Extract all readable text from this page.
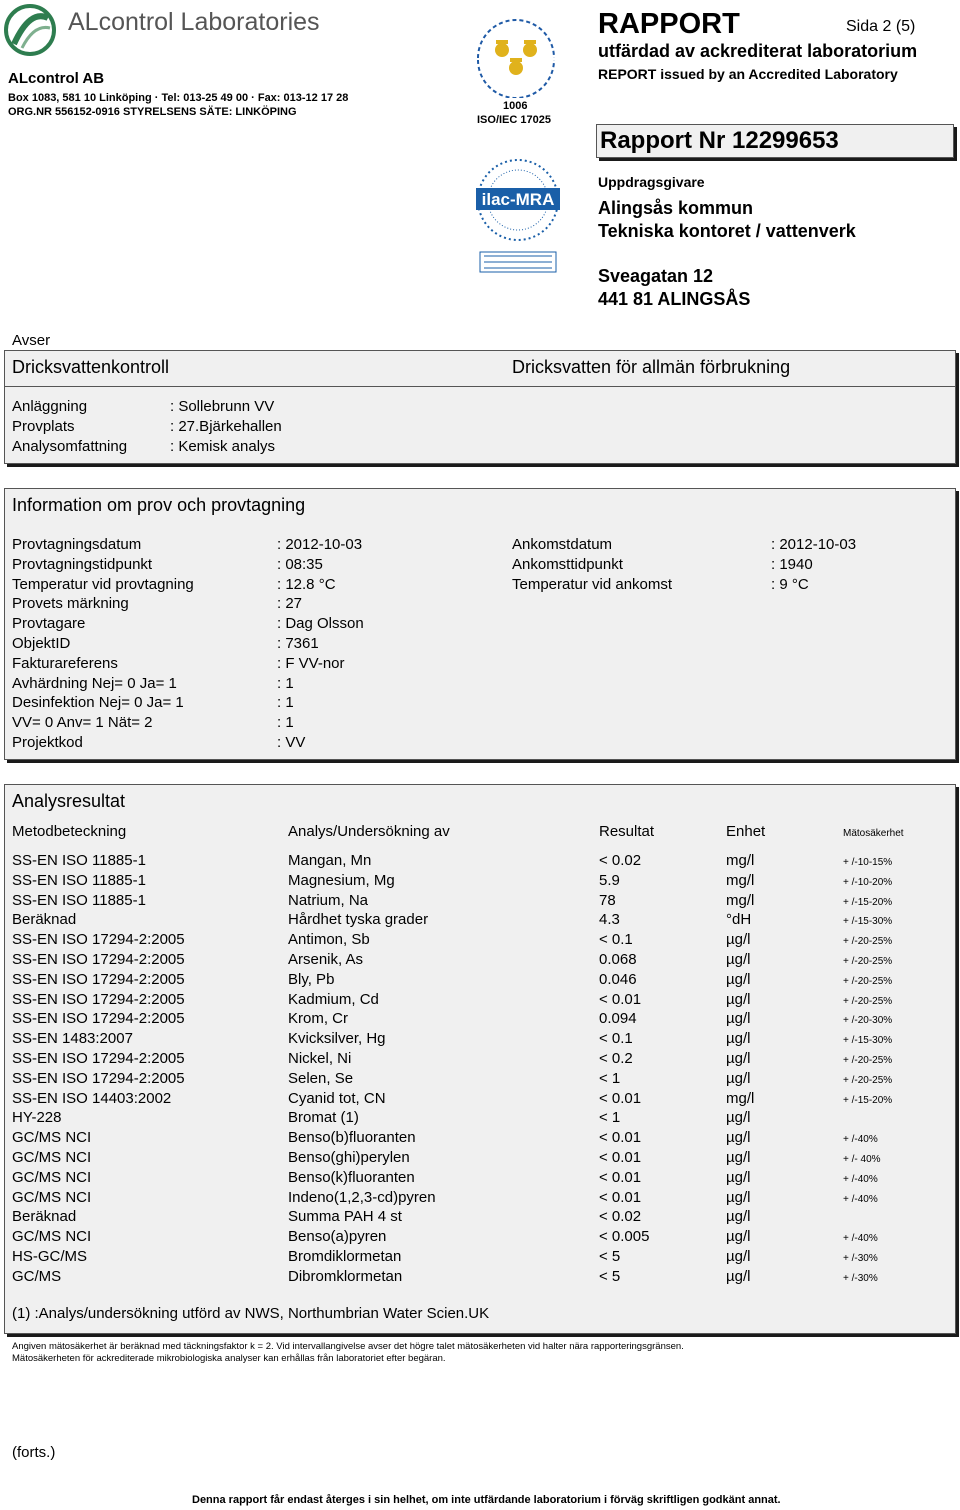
ALcontrol Laboratories
ALcontrol AB
Box 1083, 581 10 Linköping · Tel: 013-25 49 00 · Fax: 013-12 17 28
ORG.NR 556152-0916 STYRELSENS SÄTE: LINKÖPING	1006
ISO/IEC 17025
ilac-MRA
RAPPORT	Sida 2 (5)
utfärdad av ackrediterat laboratorium
REPORT issued by an Accredited Laboratory
Rapport Nr 12299653
Uppdragsgivare
Alingsås kommun
Tekniska kontoret / vattenverk
Sveagatan 12
441 81 ALINGSÅS
Avser
Dricksvattenkontroll	Dricksvatten för allmän förbrukning
Anläggning	: Sollebrunn VV
Provplats	: 27.Bjärkehallen
Analysomfattning	: Kemisk analys
Information om prov och provtagning
Provtagningsdatum	: 2012-10-03	Ankomstdatum	: 2012-10-03
Provtagningstidpunkt	: 08:35	Ankomsttidpunkt	: 1940
Temperatur vid provtagning	: 12.8 °C	Temperatur vid ankomst	: 9 °C
Provets märkning	: 27
Provtagare	: Dag Olsson
ObjektID	: 7361
Fakturareferens	: F VV-nor
Avhärdning Nej= 0 Ja= 1	: 1
Desinfektion Nej= 0 Ja= 1	: 1
VV= 0 Anv= 1 Nät= 2	: 1
Projektkod	: VV
Analysresultat
Metodbeteckning	Analys/Undersökning av	Resultat	Enhet	Mätosäkerhet
SS-EN ISO 11885-1	Mangan, Mn	< 0.02	mg/l	+ /-10-15%
SS-EN ISO 11885-1	Magnesium, Mg	5.9	mg/l	+ /-10-20%
SS-EN ISO 11885-1	Natrium, Na	78	mg/l	+ /-15-20%
Beräknad	Hårdhet tyska grader	4.3	°dH	+ /-15-30%
SS-EN ISO 17294-2:2005	Antimon, Sb	< 0.1	µg/l	+ /-20-25%
SS-EN ISO 17294-2:2005	Arsenik, As	0.068	µg/l	+ /-20-25%
SS-EN ISO 17294-2:2005	Bly, Pb	0.046	µg/l	+ /-20-25%
SS-EN ISO 17294-2:2005	Kadmium, Cd	< 0.01	µg/l	+ /-20-25%
SS-EN ISO 17294-2:2005	Krom, Cr	0.094	µg/l	+ /-20-30%
SS-EN 1483:2007	Kvicksilver, Hg	< 0.1	µg/l	+ /-15-30%
SS-EN ISO 17294-2:2005	Nickel, Ni	< 0.2	µg/l	+ /-20-25%
SS-EN ISO 17294-2:2005	Selen, Se	< 1	µg/l	+ /-20-25%
SS-EN ISO 14403:2002	Cyanid tot, CN	< 0.01	mg/l	+ /-15-20%
HY-228	Bromat (1)	< 1	µg/l
GC/MS NCI	Benso(b)fluoranten	< 0.01	µg/l	+ /-40%
GC/MS NCI	Benso(ghi)perylen	< 0.01	µg/l	+ /- 40%
GC/MS NCI	Benso(k)fluoranten	< 0.01	µg/l	+ /-40%
GC/MS NCI	Indeno(1,2,3-cd)pyren	< 0.01	µg/l	+ /-40%
Beräknad	Summa PAH 4 st	< 0.02	µg/l
GC/MS NCI	Benso(a)pyren	< 0.005	µg/l	+ /-40%
HS-GC/MS	Bromdiklormetan	< 5	µg/l	+ /-30%
GC/MS	Dibromklormetan	< 5	µg/l	+ /-30%
(1) :Analys/undersökning utförd av NWS, Northumbrian Water Scien.UK
Angiven mätosäkerhet är beräknad med täckningsfaktor k = 2. Vid intervallangivelse avser det högre talet mätosäkerheten vid halter nära rapporteringsgränsen.
Mätosäkerheten för ackrediterade mikrobiologiska analyser kan erhållas från laboratoriet efter begäran.
(forts.)
Denna rapport får endast återges i sin helhet, om inte utfärdande laboratorium i förväg skriftligen godkänt annat.
